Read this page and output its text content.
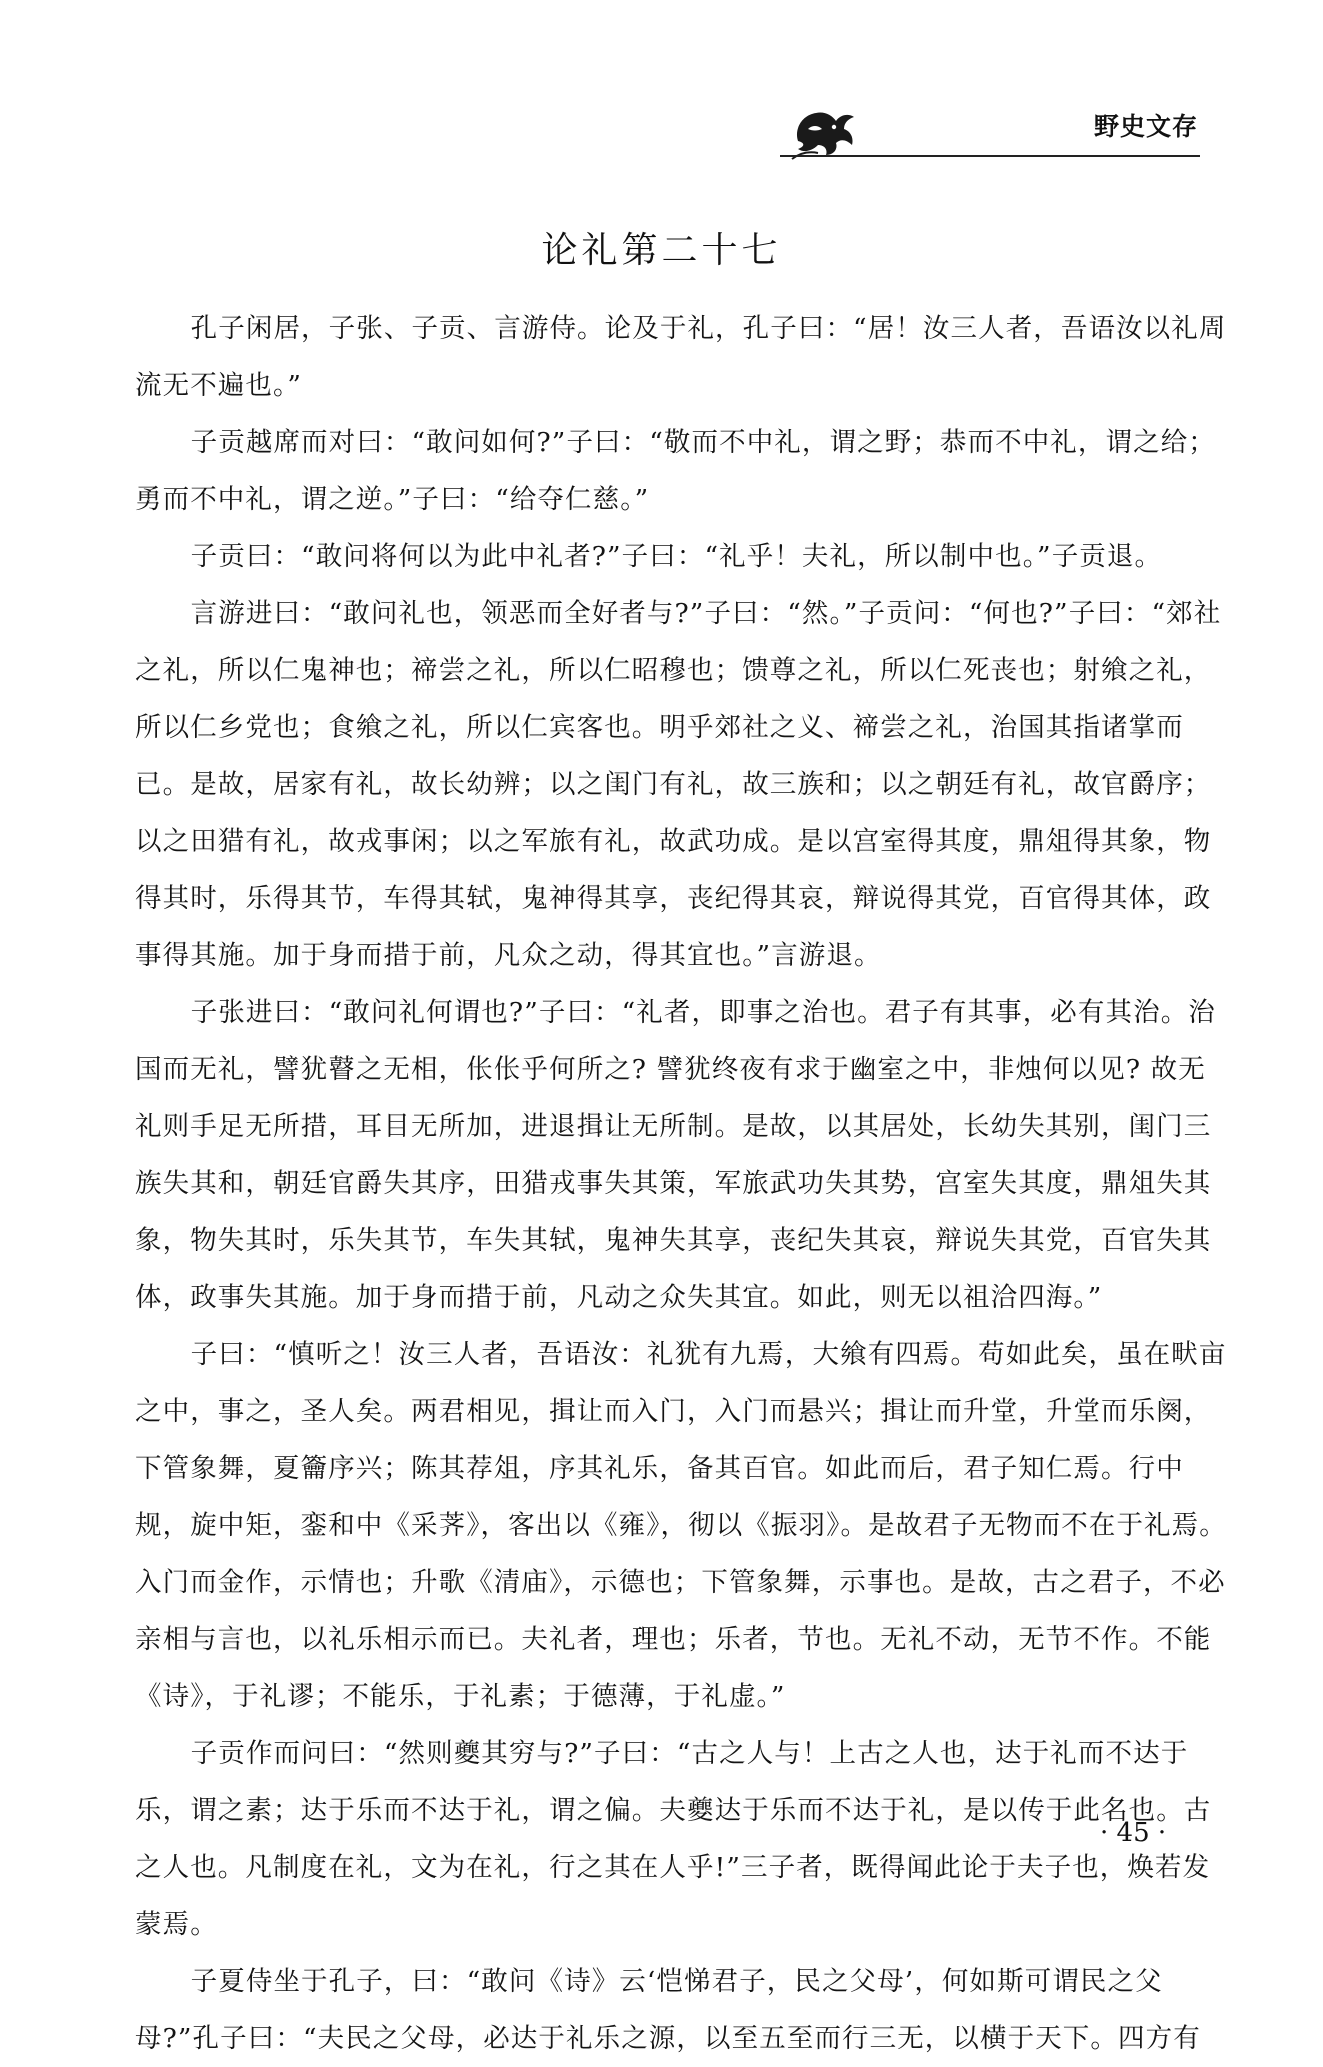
野史文存
论礼第二十七

孔子闲居，子张、子贡、言游侍。论及于礼，孔子曰：“居！汝三人者，吾语汝以礼周流无不遍也。”

子贡越席而对曰：“敢问如何?”子曰：“敬而不中礼，谓之野；恭而不中礼，谓之给；勇而不中礼，谓之逆。”子曰：“给夺仁慈。”

子贡曰：“敢问将何以为此中礼者?”子曰：“礼乎！夫礼，所以制中也。”子贡退。

言游进曰：“敢问礼也，领恶而全好者与?”子曰：“然。”子贡问：“何也?”子曰：“郊社之礼，所以仁鬼神也；禘尝之礼，所以仁昭穆也；馈尊之礼，所以仁死丧也；射飨之礼，所以仁乡党也；食飨之礼，所以仁宾客也。明乎郊社之义、禘尝之礼，治国其指诸掌而已。是故，居家有礼，故长幼辨；以之闺门有礼，故三族和；以之朝廷有礼，故官爵序；以之田猎有礼，故戎事闲；以之军旅有礼，故武功成。是以宫室得其度，鼎俎得其象，物得其时，乐得其节，车得其轼，鬼神得其享，丧纪得其哀，辩说得其党，百官得其体，政事得其施。加于身而措于前，凡众之动，得其宜也。”言游退。

子张进曰：“敢问礼何谓也?”子曰：“礼者，即事之治也。君子有其事，必有其治。治国而无礼，譬犹瞽之无相，伥伥乎何所之? 譬犹终夜有求于幽室之中，非烛何以见? 故无礼则手足无所措，耳目无所加，进退揖让无所制。是故，以其居处，长幼失其别，闺门三族失其和，朝廷官爵失其序，田猎戎事失其策，军旅武功失其势，宫室失其度，鼎俎失其象，物失其时，乐失其节，车失其轼，鬼神失其享，丧纪失其哀，辩说失其党，百官失其体，政事失其施。加于身而措于前，凡动之众失其宜。如此，则无以祖洽四海。”

子曰：“慎听之！汝三人者，吾语汝：礼犹有九焉，大飨有四焉。苟如此矣，虽在畎亩之中，事之，圣人矣。两君相见，揖让而入门，入门而悬兴；揖让而升堂，升堂而乐阕，下管象舞，夏籥序兴；陈其荐俎，序其礼乐，备其百官。如此而后，君子知仁焉。行中规，旋中矩，銮和中《采荠》，客出以《雍》，彻以《振羽》。是故君子无物而不在于礼焉。入门而金作，示情也；升歌《清庙》，示德也；下管象舞，示事也。是故，古之君子，不必亲相与言也，以礼乐相示而已。夫礼者，理也；乐者，节也。无礼不动，无节不作。不能《诗》，于礼谬；不能乐，于礼素；于德薄，于礼虚。”

子贡作而问曰：“然则夔其穷与?”子曰：“古之人与！上古之人也，达于礼而不达于乐，谓之素；达于乐而不达于礼，谓之偏。夫夔达于乐而不达于礼，是以传于此名也。古之人也。凡制度在礼，文为在礼，行之其在人乎!”三子者，既得闻此论于夫子也，焕若发蒙焉。

子夏侍坐于孔子，曰：“敢问《诗》云‘恺悌君子，民之父母’，何如斯可谓民之父母?”孔子曰：“夫民之父母，必达于礼乐之源，以至五至而行三无，以横于天下。四方有

· 45 ·
